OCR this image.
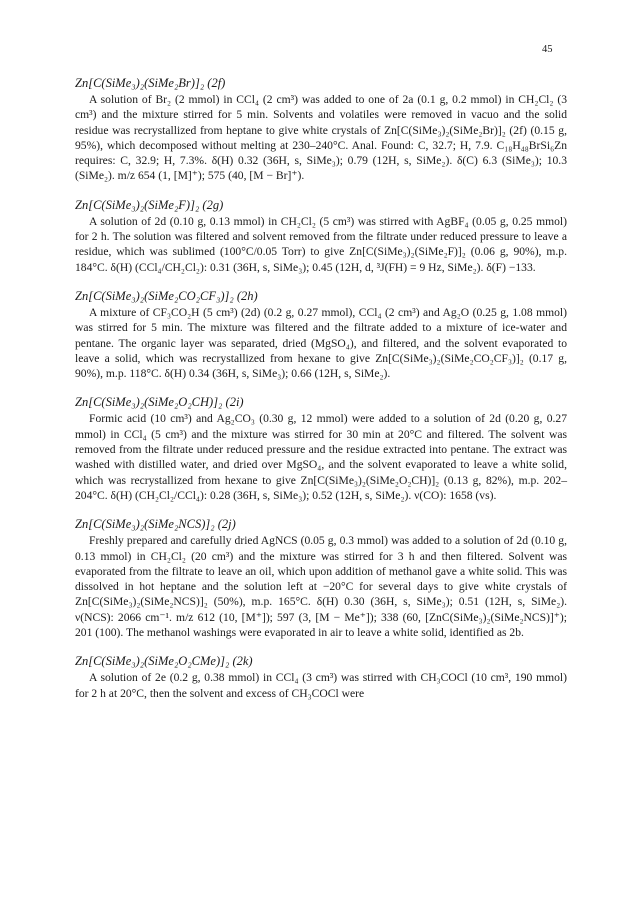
45
Zn[C(SiMe₃)₂(SiMe₂Br)]₂ (2f)

A solution of Br₂ (2 mmol) in CCl₄ (2 cm³) was added to one of 2a (0.1 g, 0.2 mmol) in CH₂Cl₂ (3 cm³) and the mixture stirred for 5 min. Solvents and volatiles were removed in vacuo and the solid residue was recrystallized from heptane to give white crystals of Zn[C(SiMe₃)₂(SiMe₂Br)]₂ (2f) (0.15 g, 95%), which decomposed without melting at 230–240°C. Anal. Found: C, 32.7; H, 7.9. C₁₈H₄₈BrSi₆Zn requires: C, 32.9; H, 7.3%. δ(H) 0.32 (36H, s, SiMe₃); 0.79 (12H, s, SiMe₂). δ(C) 6.3 (SiMe₃); 10.3 (SiMe₂). m/z 654 (1, [M]⁺); 575 (40, [M − Br]⁺).

Zn[C(SiMe₃)₂(SiMe₂F)]₂ (2g)

A solution of 2d (0.10 g, 0.13 mmol) in CH₂Cl₂ (5 cm³) was stirred with AgBF₄ (0.05 g, 0.25 mmol) for 2 h. The solution was filtered and solvent removed from the filtrate under reduced pressure to leave a residue, which was sublimed (100°C/0.05 Torr) to give Zn[C(SiMe₃)₂(SiMe₂F)]₂ (0.06 g, 90%), m.p. 184°C. δ(H) (CCl₄/CH₂Cl₂): 0.31 (36H, s, SiMe₃); 0.45 (12H, d, ³J(FH) = 9 Hz, SiMe₂). δ(F) −133.

Zn[C(SiMe₃)₂(SiMe₂CO₂CF₃)]₂ (2h)

A mixture of CF₃CO₂H (5 cm³) (2d) (0.2 g, 0.27 mmol), CCl₄ (2 cm³) and Ag₂O (0.25 g, 1.08 mmol) was stirred for 5 min. The mixture was filtered and the filtrate added to a mixture of ice-water and pentane. The organic layer was separated, dried (MgSO₄), and filtered, and the solvent evaporated to leave a solid, which was recrystallized from hexane to give Zn[C(SiMe₃)₂(SiMe₂CO₂CF₃)]₂ (0.17 g, 90%), m.p. 118°C. δ(H) 0.34 (36H, s, SiMe₃); 0.66 (12H, s, SiMe₂).

Zn[C(SiMe₃)₂(SiMe₂O₂CH)]₂ (2i)

Formic acid (10 cm³) and Ag₂CO₃ (0.30 g, 12 mmol) were added to a solution of 2d (0.20 g, 0.27 mmol) in CCl₄ (5 cm³) and the mixture was stirred for 30 min at 20°C and filtered. The solvent was removed from the filtrate under reduced pressure and the residue extracted into pentane. The extract was washed with distilled water, and dried over MgSO₄, and the solvent evaporated to leave a white solid, which was recrystallized from hexane to give Zn[C(SiMe₃)₂(SiMe₂O₂CH)]₂ (0.13 g, 82%), m.p. 202–204°C. δ(H) (CH₂Cl₂/CCl₄): 0.28 (36H, s, SiMe₃); 0.52 (12H, s, SiMe₂). ν(CO): 1658 (vs).

Zn[C(SiMe₃)₂(SiMe₂NCS)]₂ (2j)

Freshly prepared and carefully dried AgNCS (0.05 g, 0.3 mmol) was added to a solution of 2d (0.10 g, 0.13 mmol) in CH₂Cl₂ (20 cm³) and the mixture was stirred for 3 h and then filtered. Solvent was evaporated from the filtrate to leave an oil, which upon addition of methanol gave a white solid. This was dissolved in hot heptane and the solution left at −20°C for several days to give white crystals of Zn[C(SiMe₃)₂(SiMe₂NCS)]₂ (50%), m.p. 165°C. δ(H) 0.30 (36H, s, SiMe₃); 0.51 (12H, s, SiMe₂). ν(NCS): 2066 cm⁻¹. m/z 612 (10, [M⁺]); 597 (3, [M − Me⁺]); 338 (60, [ZnC(SiMe₃)₂(SiMe₂NCS)]⁺); 201 (100). The methanol washings were evaporated in air to leave a white solid, identified as 2b.

Zn[C(SiMe₃)₂(SiMe₂O₂CMe)]₂ (2k)

A solution of 2e (0.2 g, 0.38 mmol) in CCl₄ (3 cm³) was stirred with CH₃COCl (10 cm³, 190 mmol) for 2 h at 20°C, then the solvent and excess of CH₃COCl were
